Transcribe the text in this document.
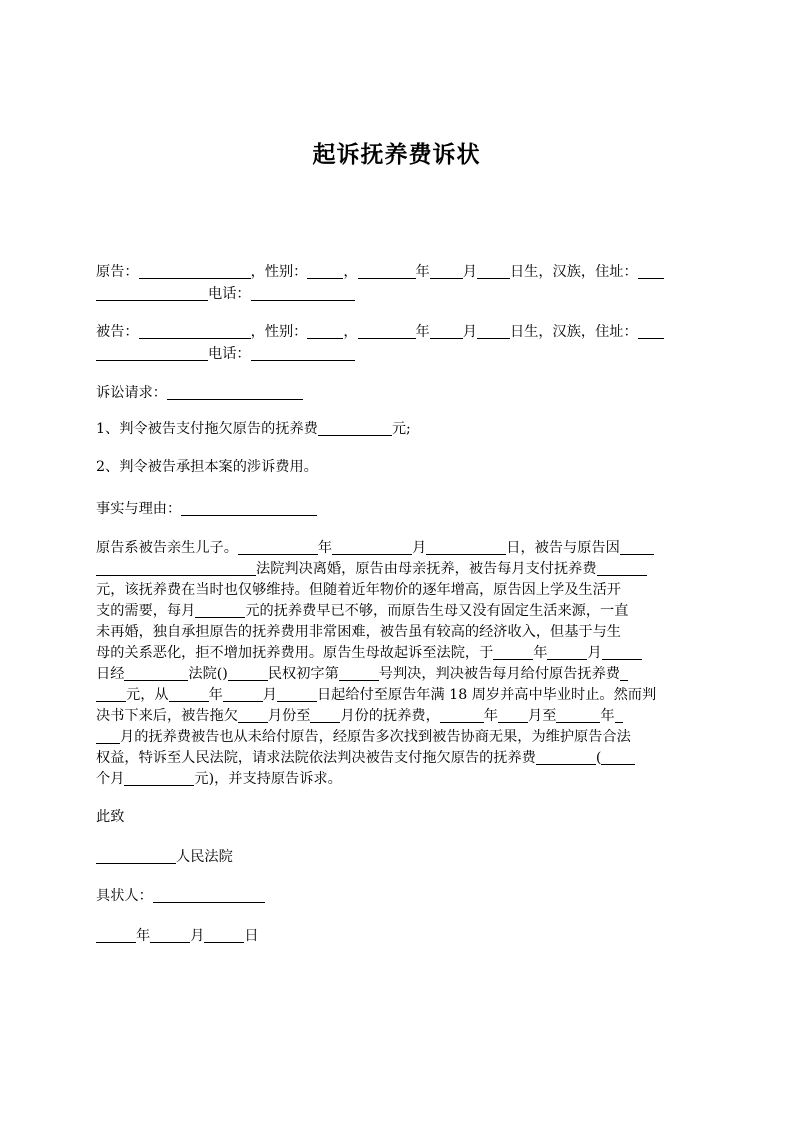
起诉抚养费诉状
原告：	，性别：	，	年 月 日生，汉族，住址：
电话：
被告：	，性别：	，	年 月 日生，汉族，住址：
电话：
诉讼请求：
1、判令被告支付拖欠原告的抚养费	元;
2、判令被告承担本案的涉诉费用。
事实与理由：
原告系被告亲生儿子。	年	月	日，被告与原告因
法院判决离婚，原告由母亲抚养，被告每月支付抚养费
元，该抚养费在当时也仅够维持。但随着近年物价的逐年增高，原告因上学及生活开
支的需要，每月	元的抚养费早已不够，而原告生母又没有固定生活来源，一直
未再婚，独自承担原告的抚养费用非常困难，被告虽有较高的经济收入，但基于与生
母的关系恶化，拒不增加抚养费用。原告生母故起诉至法院，于	年	月
日经	法院()	民权初字第	号判决，判决被告每月给付原告抚养费
元，从	年	月	日起给付至原告年满 18 周岁并高中毕业时止。然而判
决书下来后，被告拖欠 月份至 月份的抚养费，	年 月至	年
月的抚养费被告也从未给付原告，经原告多次找到被告协商无果，为维护原告合法
权益，特诉至人民法院，请求法院依法判决被告支付拖欠原告的抚养费	(
个月	元)，并支持原告诉求。
此致
人民法院
具状人：
年	月	日
